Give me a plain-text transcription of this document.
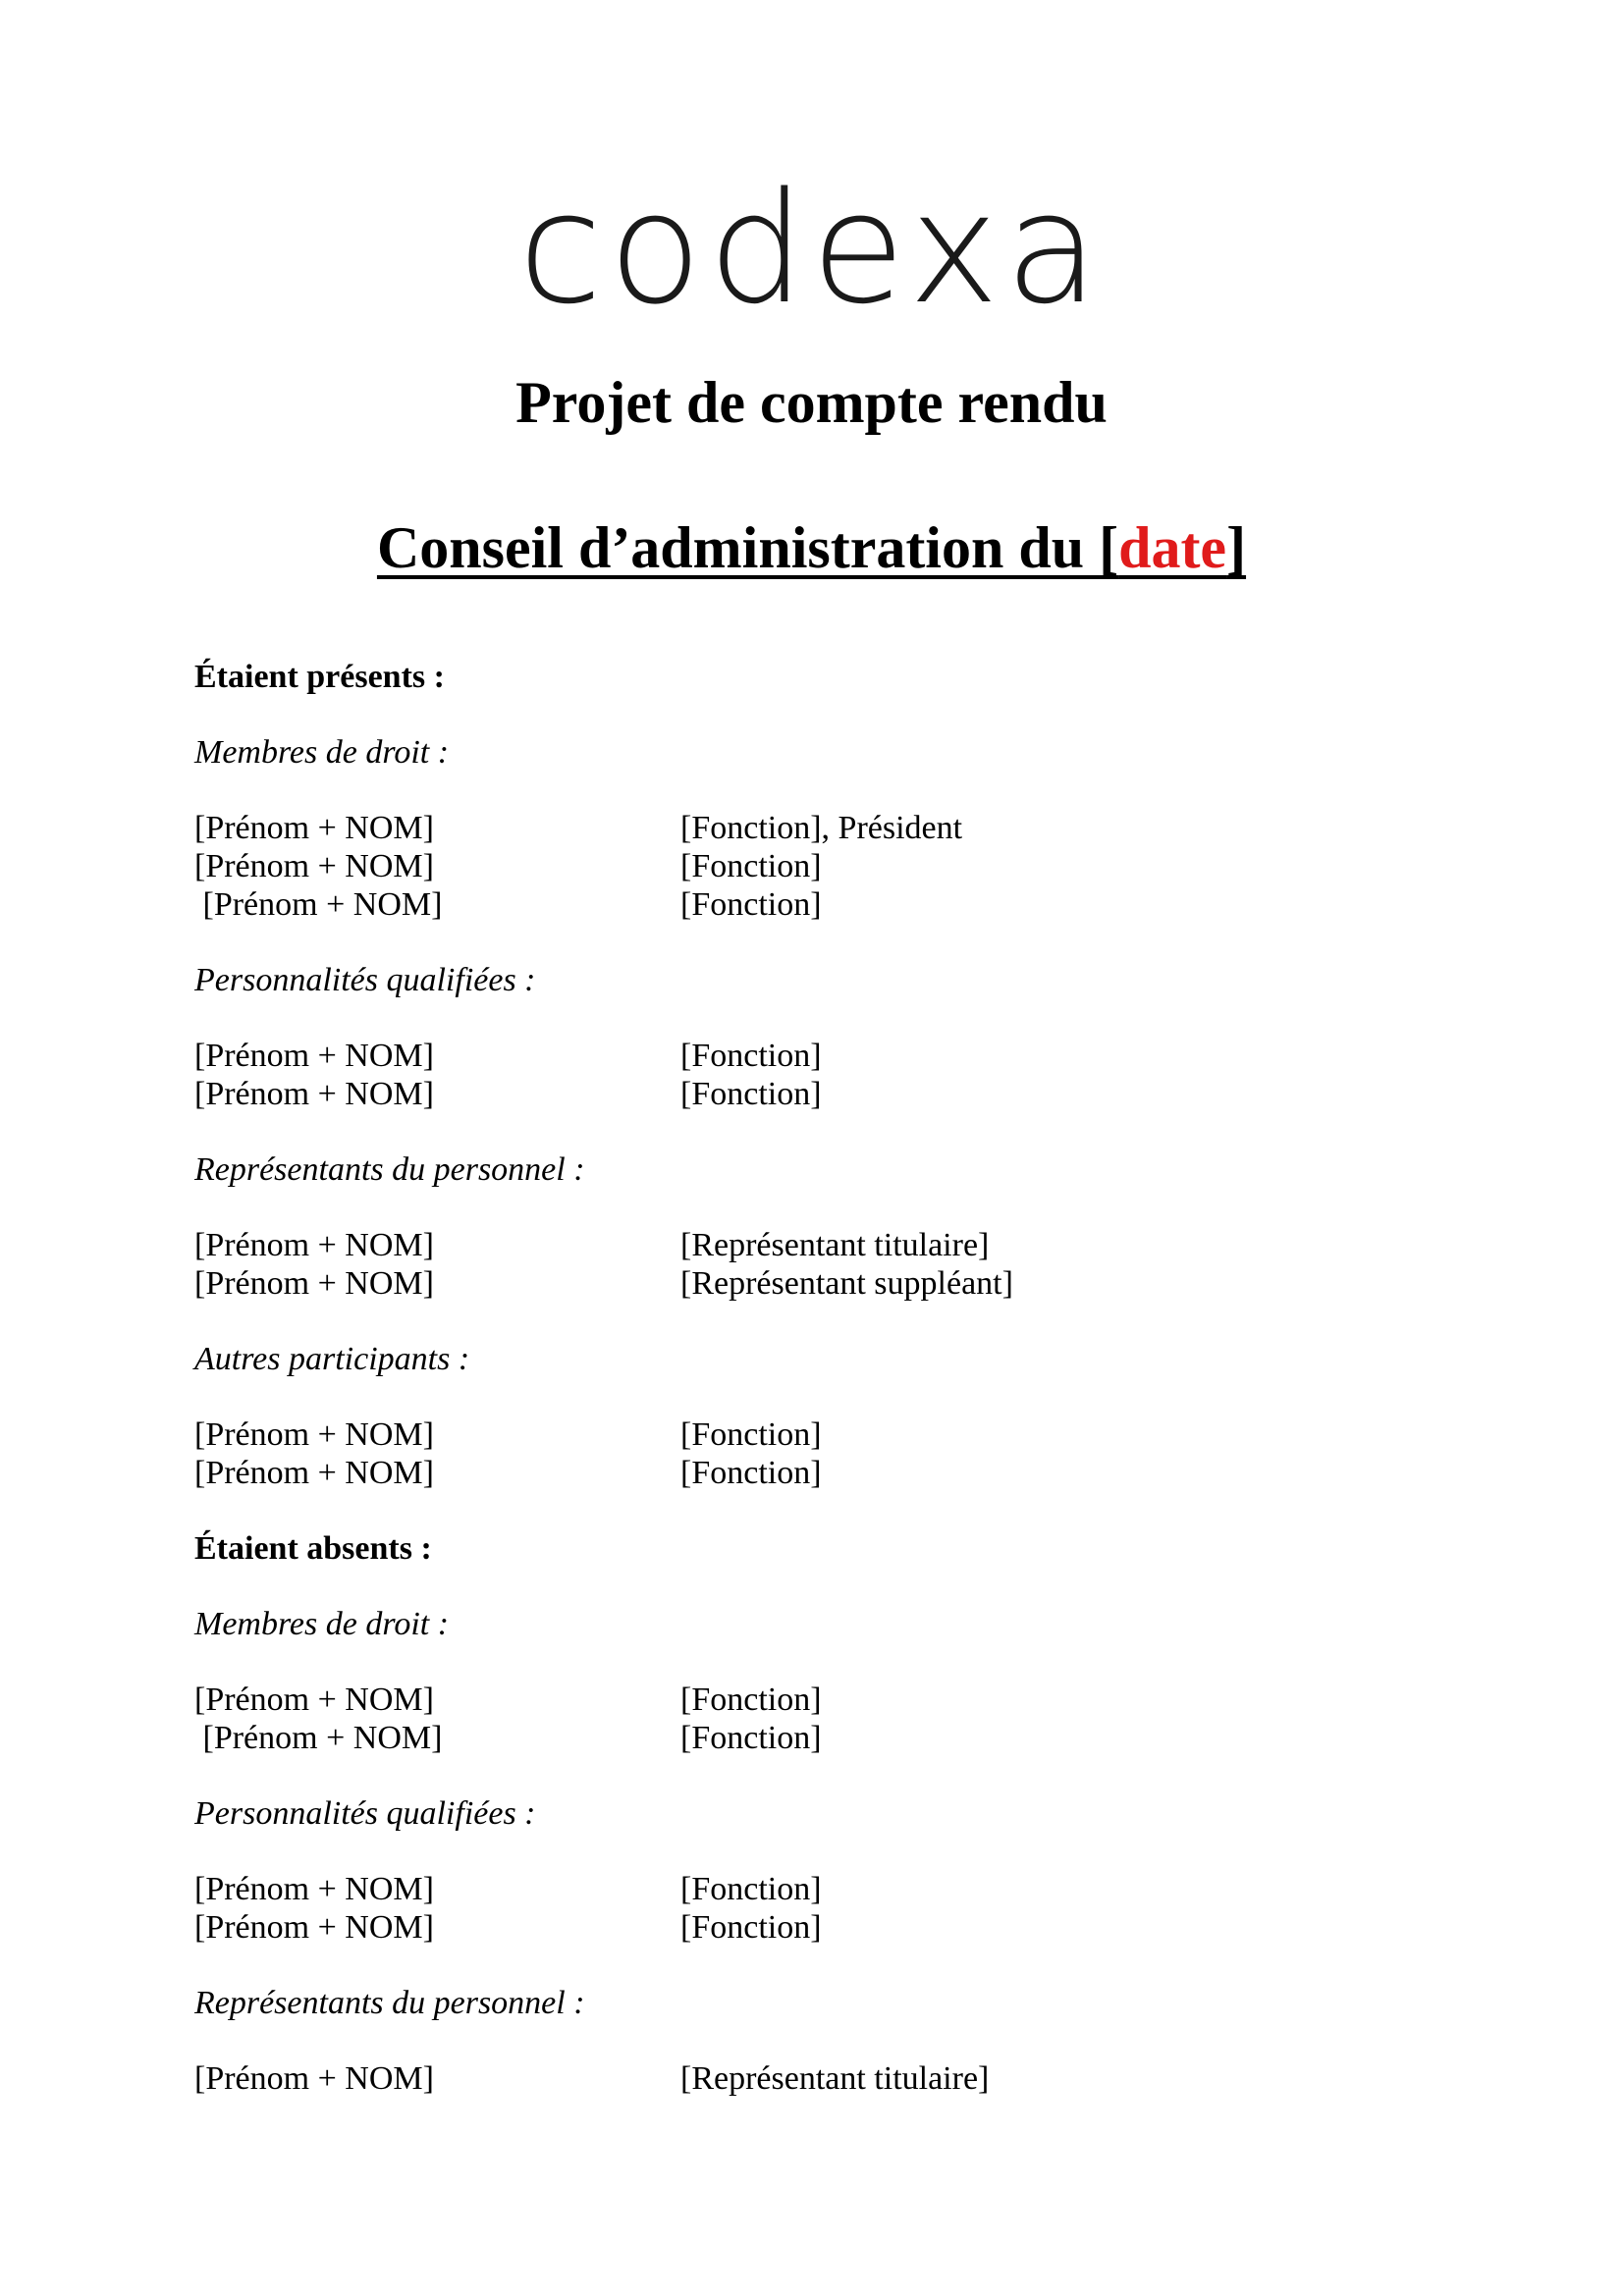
codexa
Projet de compte rendu
Conseil d’administration du [date]

Étaient présents :

Membres de droit :

[Prénom + NOM]	[Fonction], Président
[Prénom + NOM]	[Fonction]
[Prénom + NOM]	[Fonction]

Personnalités qualifiées :

[Prénom + NOM]	[Fonction]
[Prénom + NOM]	[Fonction]

Représentants du personnel :

[Prénom + NOM]	[Représentant titulaire]
[Prénom + NOM]	[Représentant suppléant]

Autres participants :

[Prénom + NOM]	[Fonction]
[Prénom + NOM]	[Fonction]

Étaient absents :

Membres de droit :

[Prénom + NOM]	[Fonction]
[Prénom + NOM]	[Fonction]

Personnalités qualifiées :

[Prénom + NOM]	[Fonction]
[Prénom + NOM]	[Fonction]

Représentants du personnel :

[Prénom + NOM]	[Représentant titulaire]
